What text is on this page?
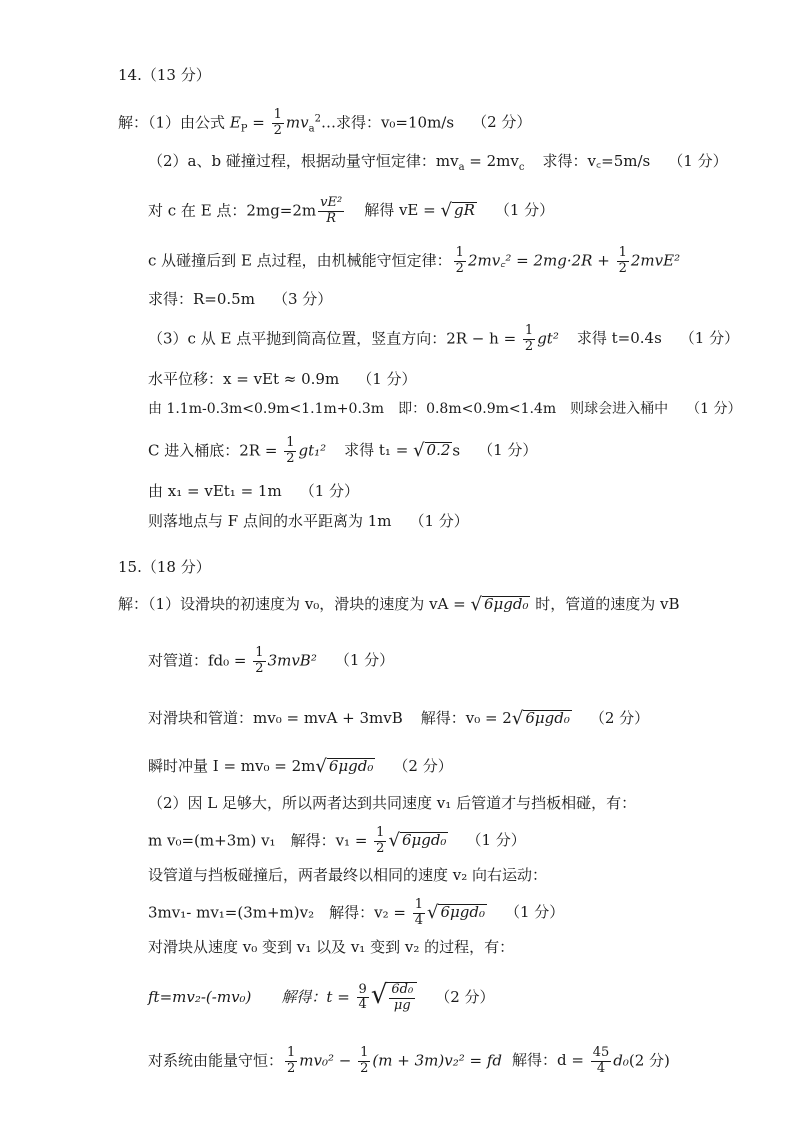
14.（13 分）
解：（1）由公式 $E_P = \frac{1}{2}$ $mv_a^2\dots$求得：v₀=10m/s （2 分）
（2）a、b 碰撞过程，根据动量守恒定律：$mv_a = 2mv_c$ 求得：v꜀=5m/s （1 分）
对 c 在 E 点：$2mg=2m \frac{\text{vE²}}{R}$ 解得 vE = √ gR （1 分）
c 从碰撞后到 E 点过程，由机械能守恒定律： $\frac{1}{2}$ 2mv꜀² = $2mg\cdot 2R + \frac{1}{2} 2mvE^2$
求得：R=0.5m （3 分）
（3）c 从 E 点平抛到筒高位置，竖直方向：$2R - h = \frac{1}{2} gt^2$ 求得 t=0.4s （1 分）
水平位移：x = vEt ≈ 0.9m （1 分）
由 1.1m-0.3m<0.9m<1.1m+0.3m　即：0.8m<0.9m<1.4m　则球会进入桶中 （1 分）
C 进入桶底：$2R = \frac{1}{2} gt_1^2$ 求得 t₁ = √ 0.2 s （1 分）
由 x₁ = vEt₁ = 1m （1 分）
则落地点与 F 点间的水平距离为 1m （1 分）
15.（18 分）
解：（1）设滑块的初速度为 v₀，滑块的速度为 vA = √ 6μgd₀ 时，管道的速度为 vB
对管道：$fd_0 = \frac{1}{2} 3mvB^2$ （1 分）
对滑块和管道：mv₀ = mvA + 3mvB 解得：v₀ = 2 √ 6μgd₀ （2 分）
瞬时冲量 I = mv₀ = 2m √ 6μgd₀ （2 分）
（2）因 L 足够大，所以两者达到共同速度 v₁ 后管道才与挡板相碰，有：
m v₀=(m+3m) v₁　解得：$v_1 = \frac{1}{2}$ √ 6μgd₀ （1 分）
设管道与挡板碰撞后，两者最终以相同的速度 v₂ 向右运动：
3mv₁- mv₁=(3m+m)v₂　解得：$v_2 = \frac{1}{4}$ √ 6μgd₀ （1 分）
对滑块从速度 v₀ 变到 v₁ 以及 v₁ 变到 v₂ 的过程，有：
ft=mv₂-(-mv₀)　　解得：$t = \frac{9}{4}$ √ $\frac{\text{6d₀}}{\mu g} (2$ 分）
对系统由能量守恒： $\frac{1}{2} mv_0^2 - \frac{1}{2} (m + 3m)v_2^2$ = fd 解得：$d = \frac{45}{4} d_0(2$ 分)
